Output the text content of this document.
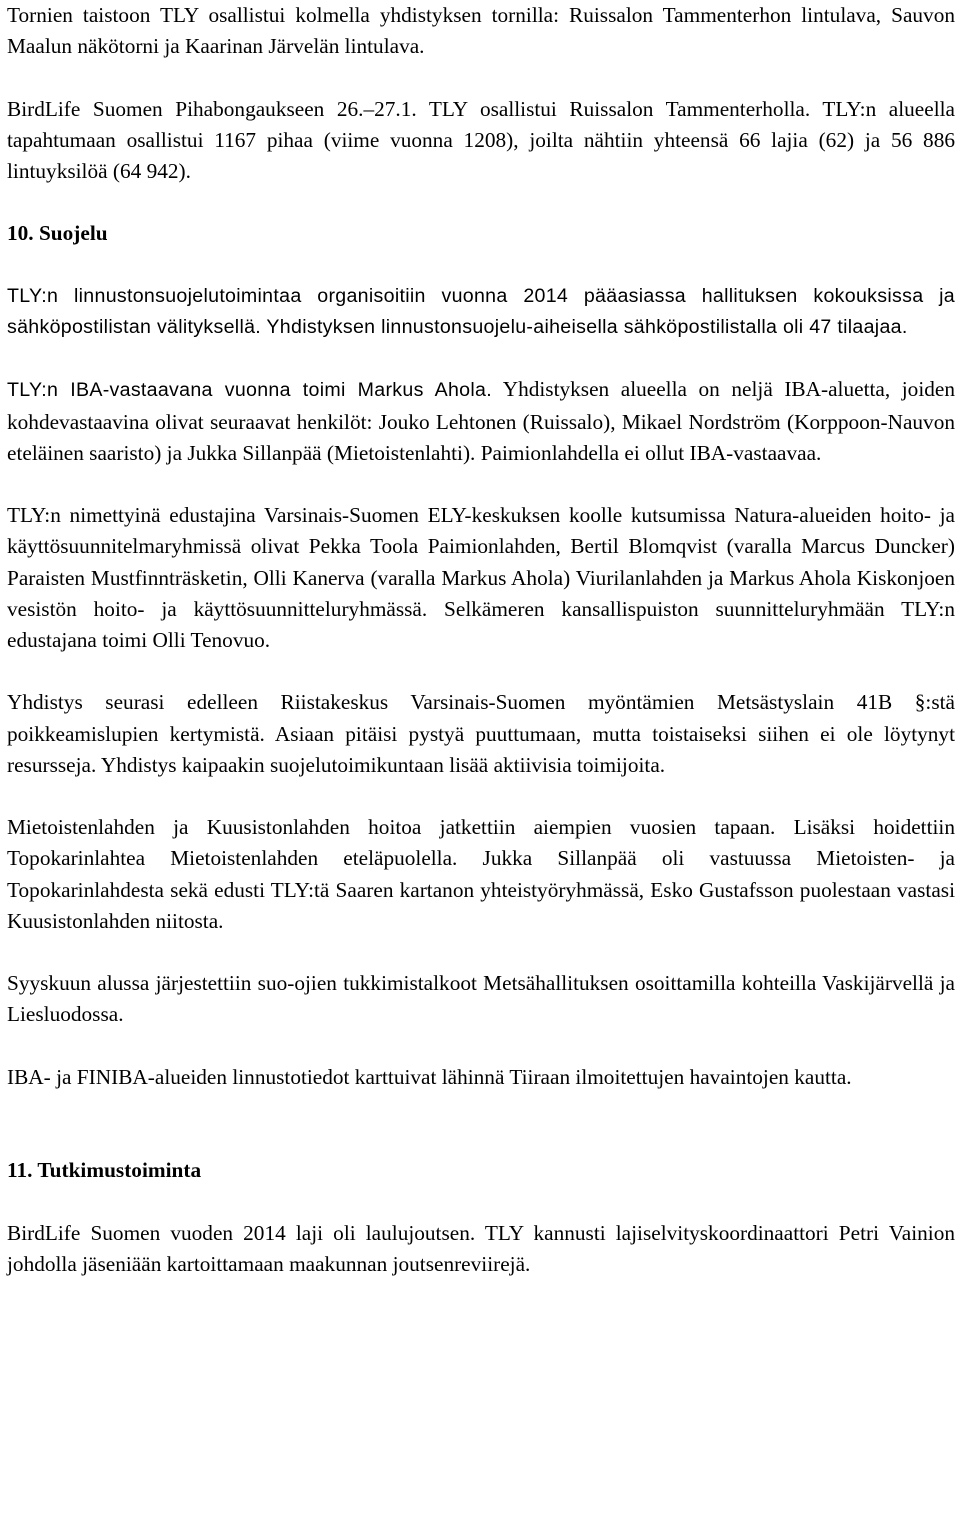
Tornien taistoon TLY osallistui kolmella yhdistyksen tornilla: Ruissalon Tammenterhon lintulava, Sauvon Maalun näkötorni ja Kaarinan Järvelän lintulava.

BirdLife Suomen Pihabongaukseen 26.–27.1. TLY osallistui Ruissalon Tammenterholla. TLY:n alueella tapahtumaan osallistui 1167 pihaa (viime vuonna 1208), joilta nähtiin yhteensä 66 lajia (62) ja 56 886 lintuyksilöä (64 942).

10. Suojelu

TLY:n linnustonsuojelutoimintaa organisoitiin vuonna 2014 pääasiassa hallituksen kokouksissa ja sähköpostilistan välityksellä. Yhdistyksen linnustonsuojelu-aiheisella sähköpostilistalla oli 47 tilaajaa.

TLY:n IBA-vastaavana vuonna toimi Markus Ahola. Yhdistyksen alueella on neljä IBA-aluetta, joiden kohdevastaavina olivat seuraavat henkilöt: Jouko Lehtonen (Ruissalo), Mikael Nordström (Korppoon-Nauvon eteläinen saaristo) ja Jukka Sillanpää (Mietoistenlahti). Paimionlahdella ei ollut IBA-vastaavaa.

TLY:n nimettyinä edustajina Varsinais-Suomen ELY-keskuksen koolle kutsumissa Natura-alueiden hoito- ja käyttösuunnitelmaryhmissä olivat Pekka Toola Paimionlahden, Bertil Blomqvist (varalla Marcus Duncker) Paraisten Mustfinnträsketin, Olli Kanerva (varalla Markus Ahola) Viurilanlahden ja Markus Ahola Kiskonjoen vesistön hoito- ja käyttösuunnitteluryhmässä. Selkämeren kansallispuiston suunnitteluryhmään TLY:n edustajana toimi Olli Tenovuo.

Yhdistys seurasi edelleen Riistakeskus Varsinais-Suomen myöntämien Metsästyslain 41B §:stä poikkeamislupien kertymistä. Asiaan pitäisi pystyä puuttumaan, mutta toistaiseksi siihen ei ole löytynyt resursseja. Yhdistys kaipaakin suojelutoimikuntaan lisää aktiivisia toimijoita.

Mietoistenlahden ja Kuusistonlahden hoitoa jatkettiin aiempien vuosien tapaan. Lisäksi hoidettiin Topokarinlahtea Mietoistenlahden eteläpuolella. Jukka Sillanpää oli vastuussa Mietoisten- ja Topokarinlahdesta sekä edusti TLY:tä Saaren kartanon yhteistyöryhmässä, Esko Gustafsson puolestaan vastasi Kuusistonlahden niitosta.

Syyskuun alussa järjestettiin suo-ojien tukkimistalkoot Metsähallituksen osoittamilla kohteilla Vaskijärvellä ja Liesluodossa.

IBA- ja FINIBA-alueiden linnustotiedot karttuivat lähinnä Tiiraan ilmoitettujen havaintojen kautta.

11. Tutkimustoiminta

BirdLife Suomen vuoden 2014 laji oli laulujoutsen. TLY kannusti lajiselvityskoordinaattori Petri Vainion johdolla jäseniään kartoittamaan maakunnan joutsenreviirejä.
